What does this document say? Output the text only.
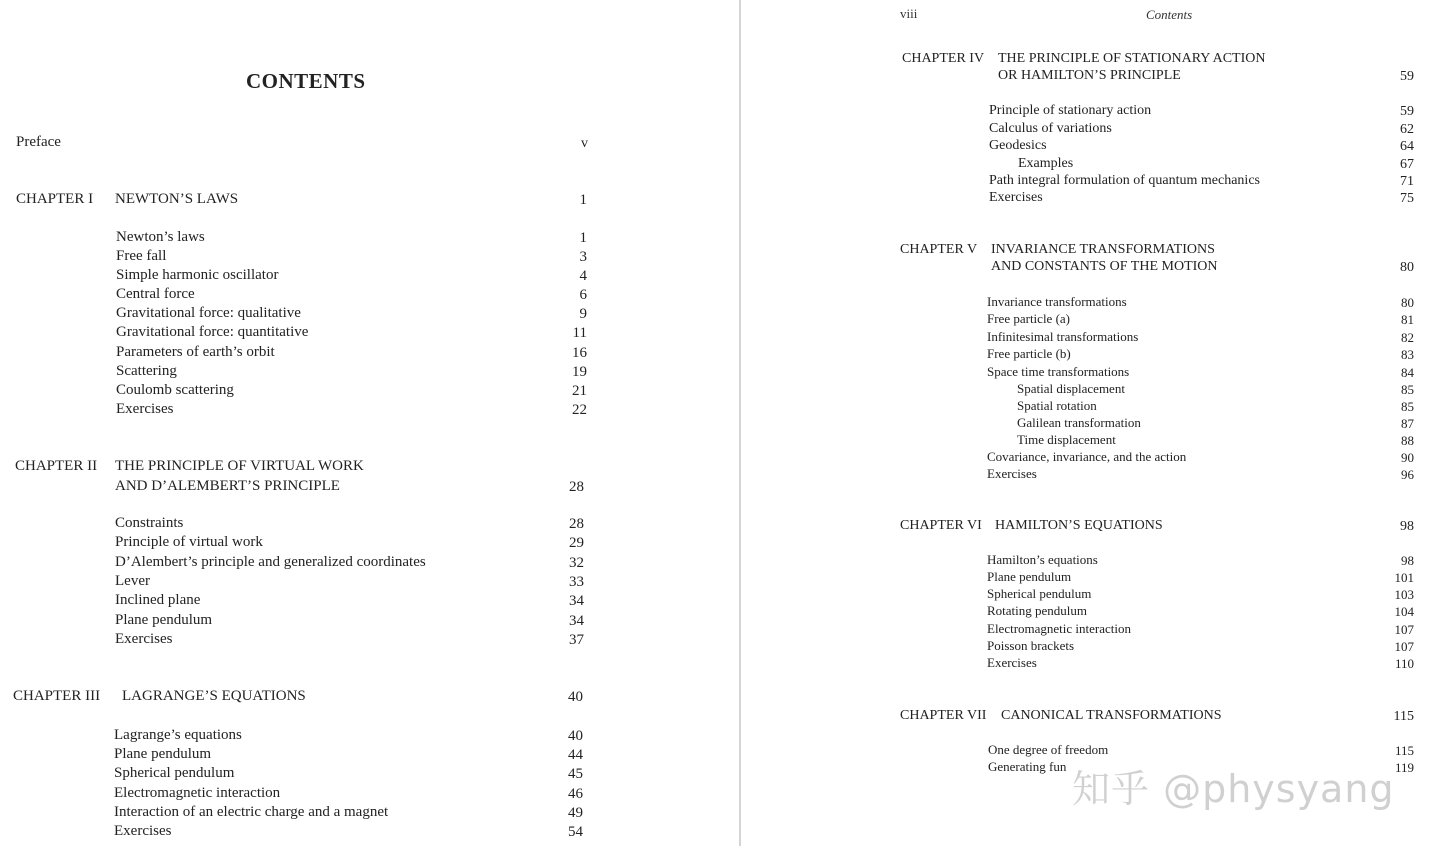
CONTENTS
Preface	v
CHAPTER I NEWTON’S LAWS	1
Newton’s laws	1
Free fall	3
Simple harmonic oscillator	4
Central force	6
Gravitational force: qualitative	9
Gravitational force: quantitative	11
Parameters of earth’s orbit	16
Scattering	19
Coulomb scattering	21
Exercises	22
CHAPTER II THE PRINCIPLE OF VIRTUAL WORK
AND D’ALEMBERT’S PRINCIPLE	28
Constraints	28
Principle of virtual work	29
D’Alembert’s principle and generalized coordinates	32
Lever	33
Inclined plane	34
Plane pendulum	34
Exercises	37
CHAPTER III LAGRANGE’S EQUATIONS	40
Lagrange’s equations	40
Plane pendulum	44
Spherical pendulum	45
Electromagnetic interaction	46
Interaction of an electric charge and a magnet	49
Exercises	54
viii	Contents
CHAPTER IV THE PRINCIPLE OF STATIONARY ACTION
OR HAMILTON’S PRINCIPLE	59
Principle of stationary action	59
Calculus of variations	62
Geodesics	64
Examples	67
Path integral formulation of quantum mechanics	71
Exercises	75
CHAPTER V INVARIANCE TRANSFORMATIONS
AND CONSTANTS OF THE MOTION	80
Invariance transformations	80
Free particle (a)	81
Infinitesimal transformations	82
Free particle (b)	83
Space time transformations	84
Spatial displacement	85
Spatial rotation	85
Galilean transformation	87
Time displacement	88
Covariance, invariance, and the action	90
Exercises	96
CHAPTER VI HAMILTON’S EQUATIONS	98
Hamilton’s equations	98
Plane pendulum	101
Spherical pendulum	103
Rotating pendulum	104
Electromagnetic interaction	107
Poisson brackets	107
Exercises	110
CHAPTER VII CANONICAL TRANSFORMATIONS	115
One degree of freedom	115
Generating fun	119
知乎 @physyang
